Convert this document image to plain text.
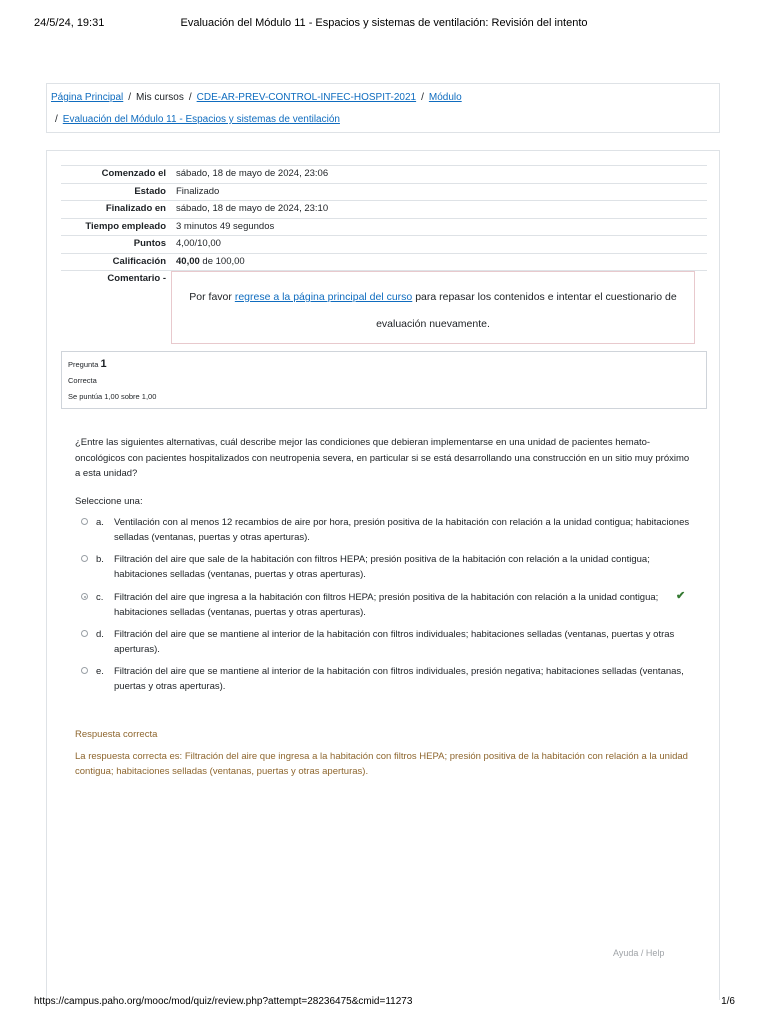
24/5/24, 19:31	Evaluación del Módulo 11 - Espacios y sistemas de ventilación: Revisión del intento
Página Principal / Mis cursos / CDE-AR-PREV-CONTROL-INFEC-HOSPIT-2021 / Módulo
/ Evaluación del Módulo 11 - Espacios y sistemas de ventilación
Comenzado el	sábado, 18 de mayo de 2024, 23:06
Estado	Finalizado
Finalizado en	sábado, 18 de mayo de 2024, 23:10
Tiempo empleado	3 minutos 49 segundos
Puntos	4,00/10,00
Calificación	40,00 de 100,00
Comentario -	Por favor regrese a la página principal del curso para repasar los contenidos e intentar el cuestionario de evaluación nuevamente.
Pregunta 1
Correcta
Se puntúa 1,00 sobre 1,00
¿Entre las siguientes alternativas, cuál describe mejor las condiciones que debieran implementarse en una unidad de pacientes hemato-oncológicos con pacientes hospitalizados con neutropenia severa, en particular si se está desarrollando una construcción en un sitio muy próximo a esta unidad?
Seleccione una:
a. Ventilación con al menos 12 recambios de aire por hora, presión positiva de la habitación con relación a la unidad contigua; habitaciones selladas (ventanas, puertas y otras aperturas).
b. Filtración del aire que sale de la habitación con filtros HEPA; presión positiva de la habitación con relación a la unidad contigua; habitaciones selladas (ventanas, puertas y otras aperturas).
c. Filtración del aire que ingresa a la habitación con filtros HEPA; presión positiva de la habitación con relación a la unidad contigua; habitaciones selladas (ventanas, puertas y otras aperturas).
✔
d. Filtración del aire que se mantiene al interior de la habitación con filtros individuales; habitaciones selladas (ventanas, puertas y otras aperturas).
e. Filtración del aire que se mantiene al interior de la habitación con filtros individuales, presión negativa; habitaciones selladas (ventanas, puertas y otras aperturas).
Respuesta correcta
La respuesta correcta es: Filtración del aire que ingresa a la habitación con filtros HEPA; presión positiva de la habitación con relación a la unidad contigua; habitaciones selladas (ventanas, puertas y otras aperturas).
Ayuda / Help
https://campus.paho.org/mooc/mod/quiz/review.php?attempt=28236475&cmid=11273	1/6
